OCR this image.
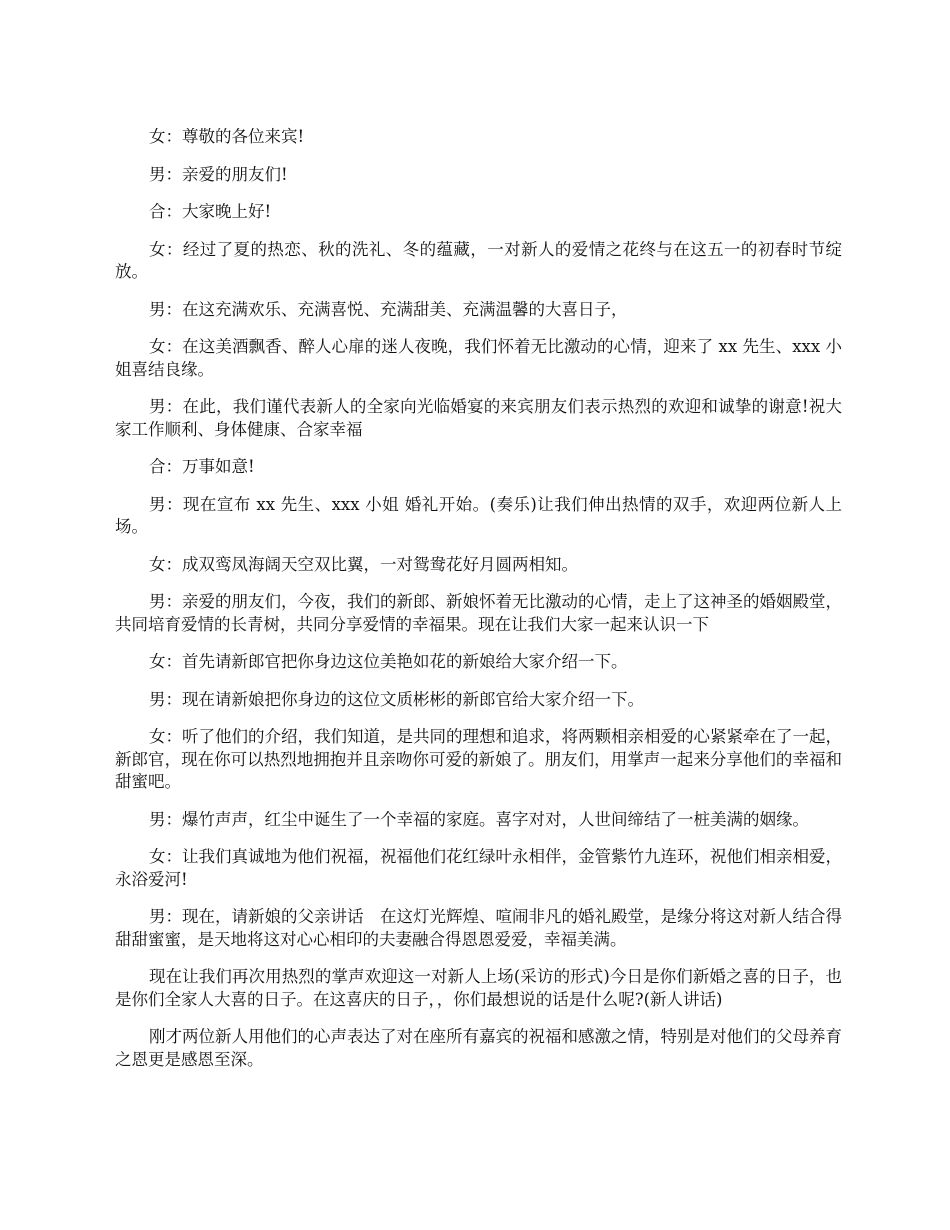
女：尊敬的各位来宾!

男：亲爱的朋友们!

合：大家晚上好!

女：经过了夏的热恋、秋的洗礼、冬的蕴藏，一对新人的爱情之花终与在这五一的初春时节绽放。

男：在这充满欢乐、充满喜悦、充满甜美、充满温馨的大喜日子，

女：在这美酒飘香、醉人心扉的迷人夜晚，我们怀着无比激动的心情，迎来了 xx 先生、xxx 小姐喜结良缘。

男：在此，我们谨代表新人的全家向光临婚宴的来宾朋友们表示热烈的欢迎和诚挚的谢意!祝大家工作顺利、身体健康、合家幸福

合：万事如意!

男：现在宣布 xx 先生、xxx 小姐 婚礼开始。(奏乐)让我们伸出热情的双手，欢迎两位新人上场。

女：成双鸾凤海阔天空双比翼，一对鸳鸯花好月圆两相知。

男：亲爱的朋友们，今夜，我们的新郎、新娘怀着无比激动的心情，走上了这神圣的婚姻殿堂，共同培育爱情的长青树，共同分享爱情的幸福果。现在让我们大家一起来认识一下

女：首先请新郎官把你身边这位美艳如花的新娘给大家介绍一下。

男：现在请新娘把你身边的这位文质彬彬的新郎官给大家介绍一下。

女：听了他们的介绍，我们知道，是共同的理想和追求，将两颗相亲相爱的心紧紧牵在了一起，新郎官，现在你可以热烈地拥抱并且亲吻你可爱的新娘了。朋友们，用掌声一起来分享他们的幸福和甜蜜吧。

男：爆竹声声，红尘中诞生了一个幸福的家庭。喜字对对，人世间缔结了一桩美满的姻缘。

女：让我们真诚地为他们祝福，祝福他们花红绿叶永相伴，金管紫竹九连环，祝他们相亲相爱，永浴爱河!

男：现在，请新娘的父亲讲话　在这灯光辉煌、喧闹非凡的婚礼殿堂，是缘分将这对新人结合得甜甜蜜蜜，是天地将这对心心相印的夫妻融合得恩恩爱爱，幸福美满。

现在让我们再次用热烈的掌声欢迎这一对新人上场(采访的形式)今日是你们新婚之喜的日子，也是你们全家人大喜的日子。在这喜庆的日子，，你们最想说的话是什么呢?(新人讲话)

刚才两位新人用他们的心声表达了对在座所有嘉宾的祝福和感激之情，特别是对他们的父母养育之恩更是感恩至深。
